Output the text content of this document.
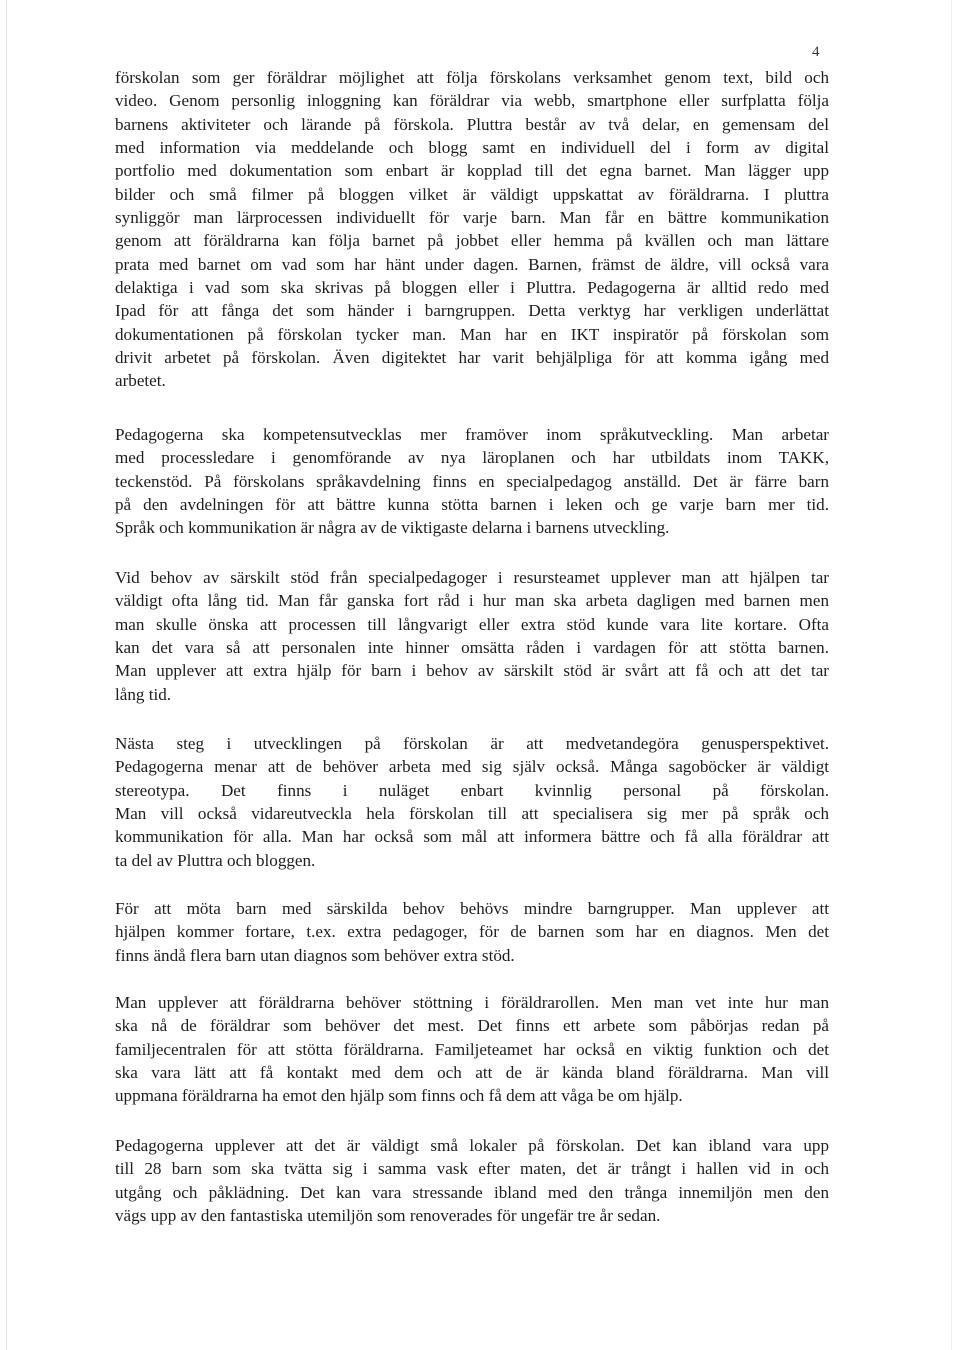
4

förskolan som ger föräldrar möjlighet att följa förskolans verksamhet genom text, bild och
video. Genom personlig inloggning kan föräldrar via webb, smartphone eller surfplatta följa
barnens aktiviteter och lärande på förskola. Pluttra består av två delar, en gemensam del
med information via meddelande och blogg samt en individuell del i form av digital
portfolio med dokumentation som enbart är kopplad till det egna barnet. Man lägger upp
bilder och små filmer på bloggen vilket är väldigt uppskattat av föräldrarna. I pluttra
synliggör man lärprocessen individuellt för varje barn. Man får en bättre kommunikation
genom att föräldrarna kan följa barnet på jobbet eller hemma på kvällen och man lättare
prata med barnet om vad som har hänt under dagen. Barnen, främst de äldre, vill också vara
delaktiga i vad som ska skrivas på bloggen eller i Pluttra. Pedagogerna är alltid redo med
Ipad för att fånga det som händer i barngruppen. Detta verktyg har verkligen underlättat
dokumentationen på förskolan tycker man. Man har en IKT inspiratör på förskolan som
drivit arbetet på förskolan. Även digitektet har varit behjälpliga för att komma igång med
arbetet.

Pedagogerna ska kompetensutvecklas mer framöver inom språkutveckling. Man arbetar
med processledare i genomförande av nya läroplanen och har utbildats inom TAKK,
teckenstöd. På förskolans språkavdelning finns en specialpedagog anställd. Det är färre barn
på den avdelningen för att bättre kunna stötta barnen i leken och ge varje barn mer tid.
Språk och kommunikation är några av de viktigaste delarna i barnens utveckling.

Vid behov av särskilt stöd från specialpedagoger i resursteamet upplever man att hjälpen tar
väldigt ofta lång tid. Man får ganska fort råd i hur man ska arbeta dagligen med barnen men
man skulle önska att processen till långvarigt eller extra stöd kunde vara lite kortare. Ofta
kan det vara så att personalen inte hinner omsätta råden i vardagen för att stötta barnen.
Man upplever att extra hjälp för barn i behov av särskilt stöd är svårt att få och att det tar
lång tid.

Nästa steg i utvecklingen på förskolan är att medvetandegöra genusperspektivet.
Pedagogerna menar att de behöver arbeta med sig själv också. Många sagoböcker är väldigt
stereotypa. Det finns i nuläget enbart kvinnlig personal på förskolan.
Man vill också vidareutveckla hela förskolan till att specialisera sig mer på språk och
kommunikation för alla. Man har också som mål att informera bättre och få alla föräldrar att
ta del av Pluttra och bloggen.

För att möta barn med särskilda behov behövs mindre barngrupper. Man upplever att
hjälpen kommer fortare, t.ex. extra pedagoger, för de barnen som har en diagnos. Men det
finns ändå flera barn utan diagnos som behöver extra stöd.

Man upplever att föräldrarna behöver stöttning i föräldrarollen. Men man vet inte hur man
ska nå de föräldrar som behöver det mest. Det finns ett arbete som påbörjas redan på
familjecentralen för att stötta föräldrarna. Familjeteamet har också en viktig funktion och det
ska vara lätt att få kontakt med dem och att de är kända bland föräldrarna. Man vill
uppmana föräldrarna ha emot den hjälp som finns och få dem att våga be om hjälp.

Pedagogerna upplever att det är väldigt små lokaler på förskolan. Det kan ibland vara upp
till 28 barn som ska tvätta sig i samma vask efter maten, det är trångt i hallen vid in och
utgång och påklädning. Det kan vara stressande ibland med den trånga innemiljön men den
vägs upp av den fantastiska utemiljön som renoverades för ungefär tre år sedan.
